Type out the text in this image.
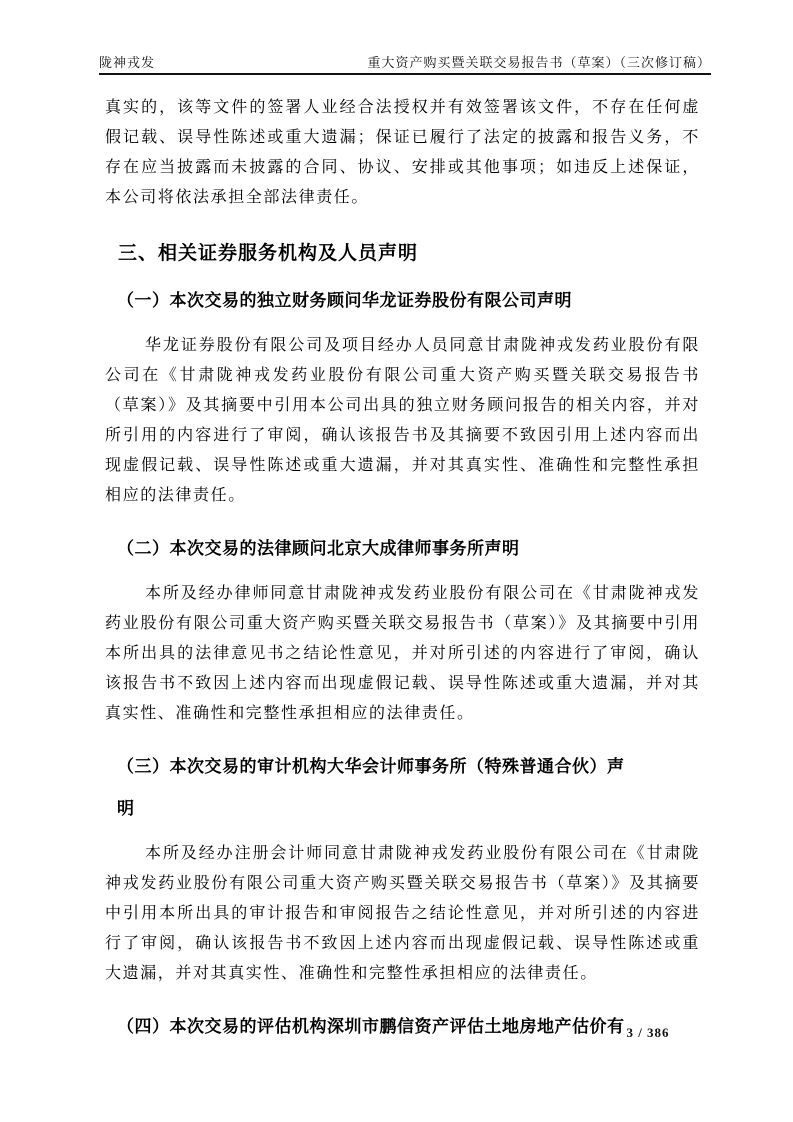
陇神戎发	重大资产购买暨关联交易报告书（草案）（三次修订稿）

真实的，该等文件的签署人业经合法授权并有效签署该文件，不存在任何虚假记载、误导性陈述或重大遗漏；保证已履行了法定的披露和报告义务，不存在应当披露而未披露的合同、协议、安排或其他事项；如违反上述保证，本公司将依法承担全部法律责任。

三、相关证券服务机构及人员声明
（一）本次交易的独立财务顾问华龙证券股份有限公司声明

华龙证券股份有限公司及项目经办人员同意甘肃陇神戎发药业股份有限公司在《甘肃陇神戎发药业股份有限公司重大资产购买暨关联交易报告书（草案）》及其摘要中引用本公司出具的独立财务顾问报告的相关内容，并对所引用的内容进行了审阅，确认该报告书及其摘要不致因引用上述内容而出现虚假记载、误导性陈述或重大遗漏，并对其真实性、准确性和完整性承担相应的法律责任。

（二）本次交易的法律顾问北京大成律师事务所声明

本所及经办律师同意甘肃陇神戎发药业股份有限公司在《甘肃陇神戎发药业股份有限公司重大资产购买暨关联交易报告书（草案）》及其摘要中引用本所出具的法律意见书之结论性意见，并对所引述的内容进行了审阅，确认该报告书不致因上述内容而出现虚假记载、误导性陈述或重大遗漏，并对其真实性、准确性和完整性承担相应的法律责任。

（三）本次交易的审计机构大华会计师事务所（特殊普通合伙）声明

本所及经办注册会计师同意甘肃陇神戎发药业股份有限公司在《甘肃陇神戎发药业股份有限公司重大资产购买暨关联交易报告书（草案）》及其摘要中引用本所出具的审计报告和审阅报告之结论性意见，并对所引述的内容进行了审阅，确认该报告书不致因上述内容而出现虚假记载、误导性陈述或重大遗漏，并对其真实性、准确性和完整性承担相应的法律责任。

（四）本次交易的评估机构深圳市鹏信资产评估土地房地产估价有 3 / 386
